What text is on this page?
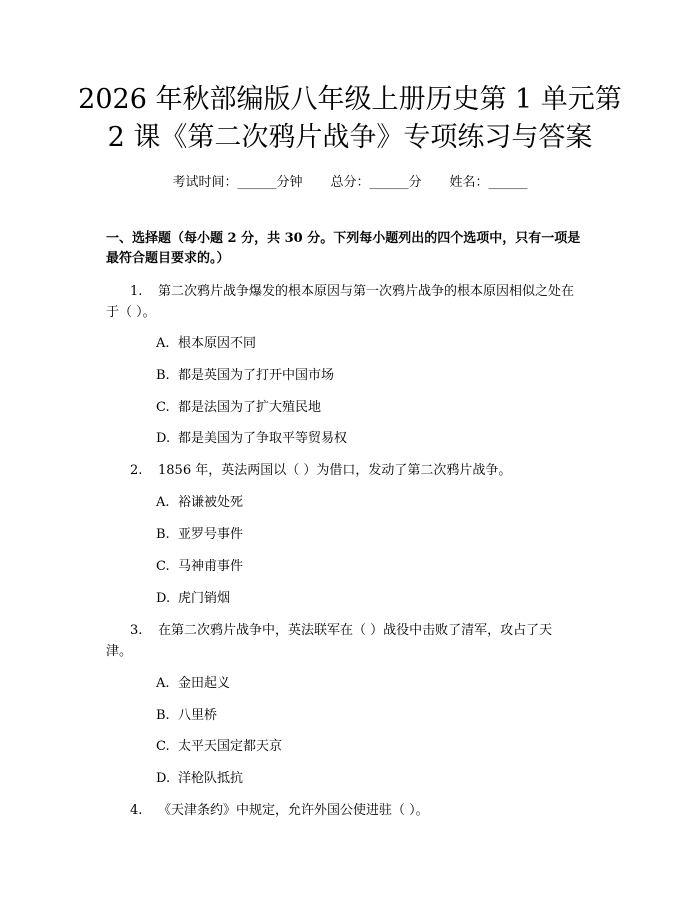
2026 年秋部编版八年级上册历史第 1 单元第
2 课《第二次鸦片战争》专项练习与答案
考试时间：______分钟 总分：______分 姓名：______
一、选择题（每小题 2 分，共 30 分。下列每小题列出的四个选项中，只有一项是
最符合题目要求的。）
1. 第二次鸦片战争爆发的根本原因与第一次鸦片战争的根本原因相似之处在
于（ ）。
A. 根本原因不同
B. 都是英国为了打开中国市场
C. 都是法国为了扩大殖民地
D. 都是美国为了争取平等贸易权
2. 1856 年，英法两国以（ ）为借口，发动了第二次鸦片战争。
A. 裕谦被处死
B. 亚罗号事件
C. 马神甫事件
D. 虎门销烟
3. 在第二次鸦片战争中，英法联军在（ ）战役中击败了清军，攻占了天
津。
A. 金田起义
B. 八里桥
C. 太平天国定都天京
D. 洋枪队抵抗
4. 《天津条约》中规定，允许外国公使进驻（ ）。
